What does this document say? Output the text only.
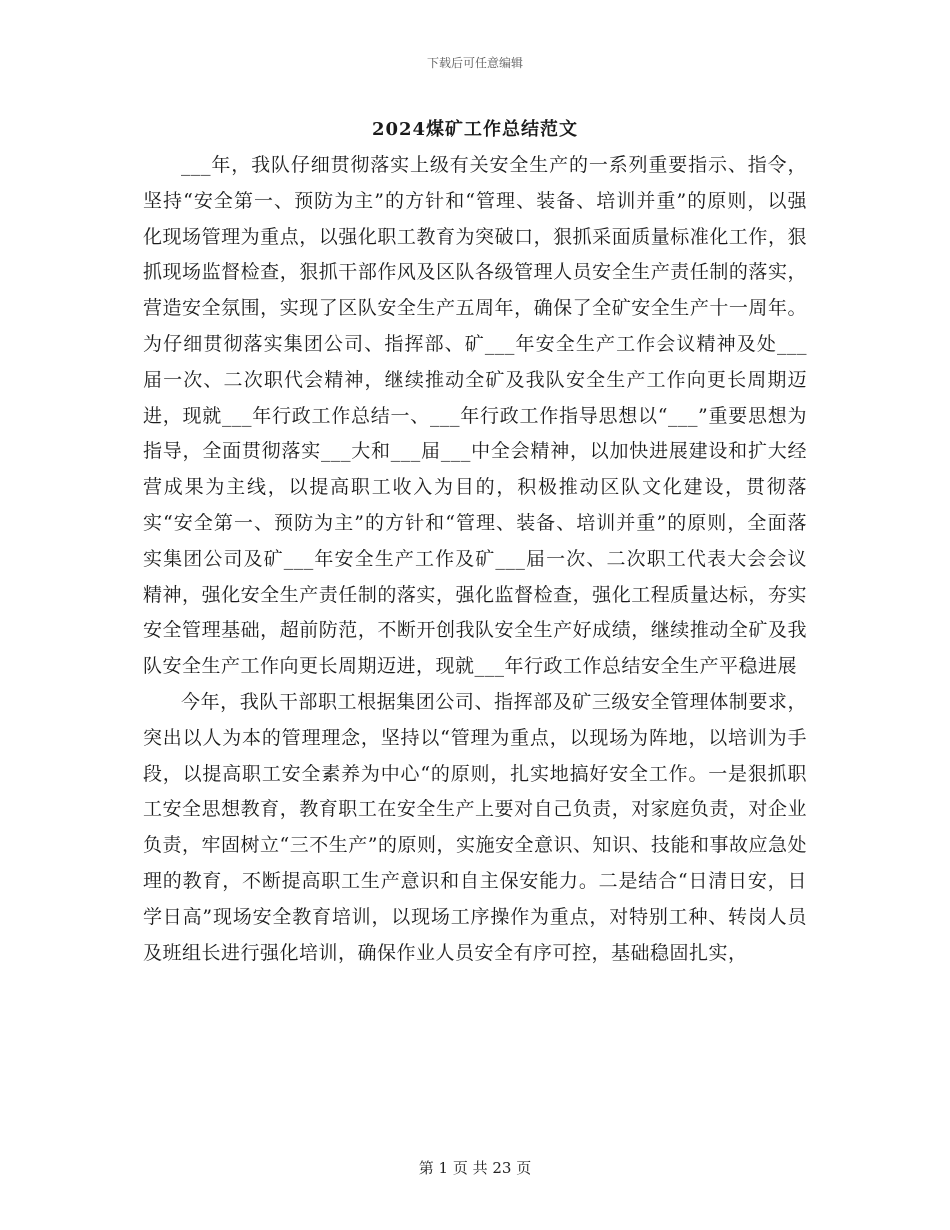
下载后可任意编辑
2024煤矿工作总结范文

___年，我队仔细贯彻落实上级有关安全生产的一系列重要指示、指令，坚持“安全第一、预防为主”的方针和“管理、装备、培训并重”的原则，以强化现场管理为重点，以强化职工教育为突破口，狠抓采面质量标准化工作，狠抓现场监督检查，狠抓干部作风及区队各级管理人员安全生产责任制的落实，营造安全氛围，实现了区队安全生产五周年，确保了全矿安全生产十一周年。为仔细贯彻落实集团公司、指挥部、矿___年安全生产工作会议精神及处___届一次、二次职代会精神，继续推动全矿及我队安全生产工作向更长周期迈进，现就___年行政工作总结一、___年行政工作指导思想以“___”重要思想为指导，全面贯彻落实___大和___届___中全会精神，以加快进展建设和扩大经营成果为主线，以提高职工收入为目的，积极推动区队文化建设，贯彻落实“安全第一、预防为主”的方针和“管理、装备、培训并重”的原则，全面落实集团公司及矿___年安全生产工作及矿___届一次、二次职工代表大会会议精神，强化安全生产责任制的落实，强化监督检查，强化工程质量达标，夯实安全管理基础，超前防范，不断开创我队安全生产好成绩，继续推动全矿及我队安全生产工作向更长周期迈进，现就___年行政工作总结安全生产平稳进展

今年，我队干部职工根据集团公司、指挥部及矿三级安全管理体制要求，突出以人为本的管理理念，坚持以“管理为重点，以现场为阵地，以培训为手段，以提高职工安全素养为中心“的原则，扎实地搞好安全工作。一是狠抓职工安全思想教育，教育职工在安全生产上要对自己负责，对家庭负责，对企业负责，牢固树立“三不生产”的原则，实施安全意识、知识、技能和事故应急处理的教育，不断提高职工生产意识和自主保安能力。二是结合“日清日安，日学日高”现场安全教育培训，以现场工序操作为重点，对特别工种、转岗人员及班组长进行强化培训，确保作业人员安全有序可控，基础稳固扎实，

第 1 页 共 23 页
